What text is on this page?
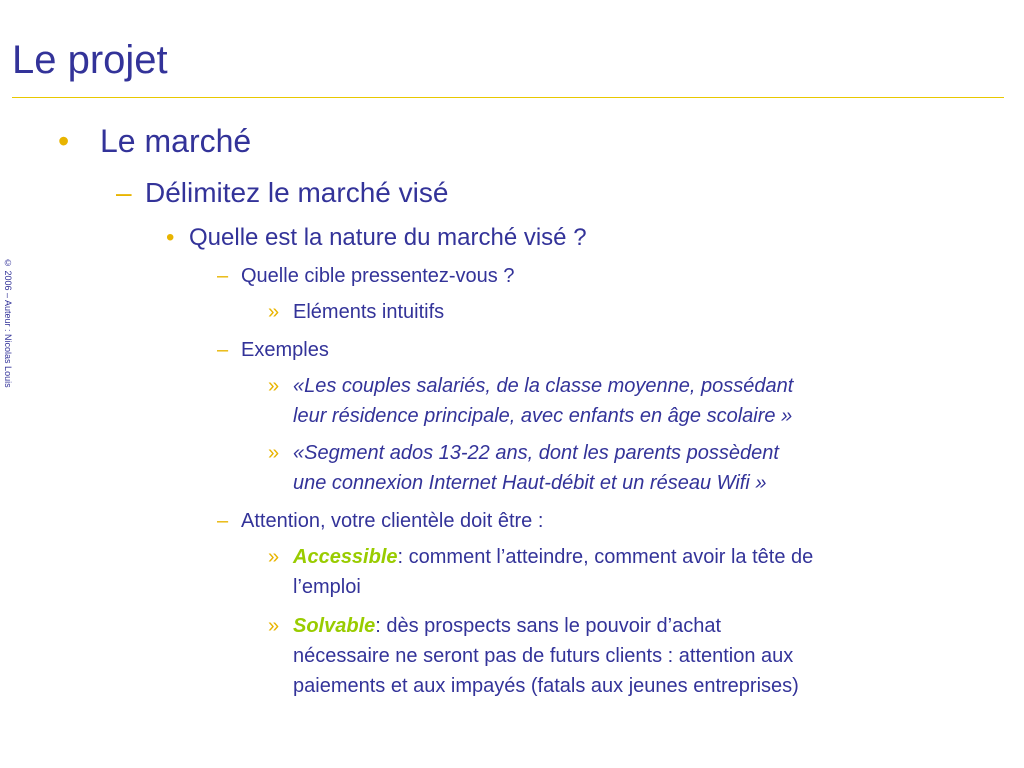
Le projet
© 2006 – Auteur : Nicolas Louis
• Le marché
– Délimitez le marché visé
• Quelle est la nature du marché visé ?
– Quelle cible pressentez-vous ?
» Eléments intuitifs
– Exemples
» «Les couples salariés, de la classe moyenne, possédant
leur résidence principale, avec enfants en âge scolaire »
» «Segment ados 13-22 ans, dont les parents possèdent
une connexion Internet Haut-débit et un réseau Wifi »
– Attention, votre clientèle doit être :
» Accessible: comment l’atteindre, comment avoir la tête de
l’emploi
» Solvable: dès prospects sans le pouvoir d’achat
nécessaire ne seront pas de futurs clients : attention aux
paiements et aux impayés (fatals aux jeunes entreprises)
